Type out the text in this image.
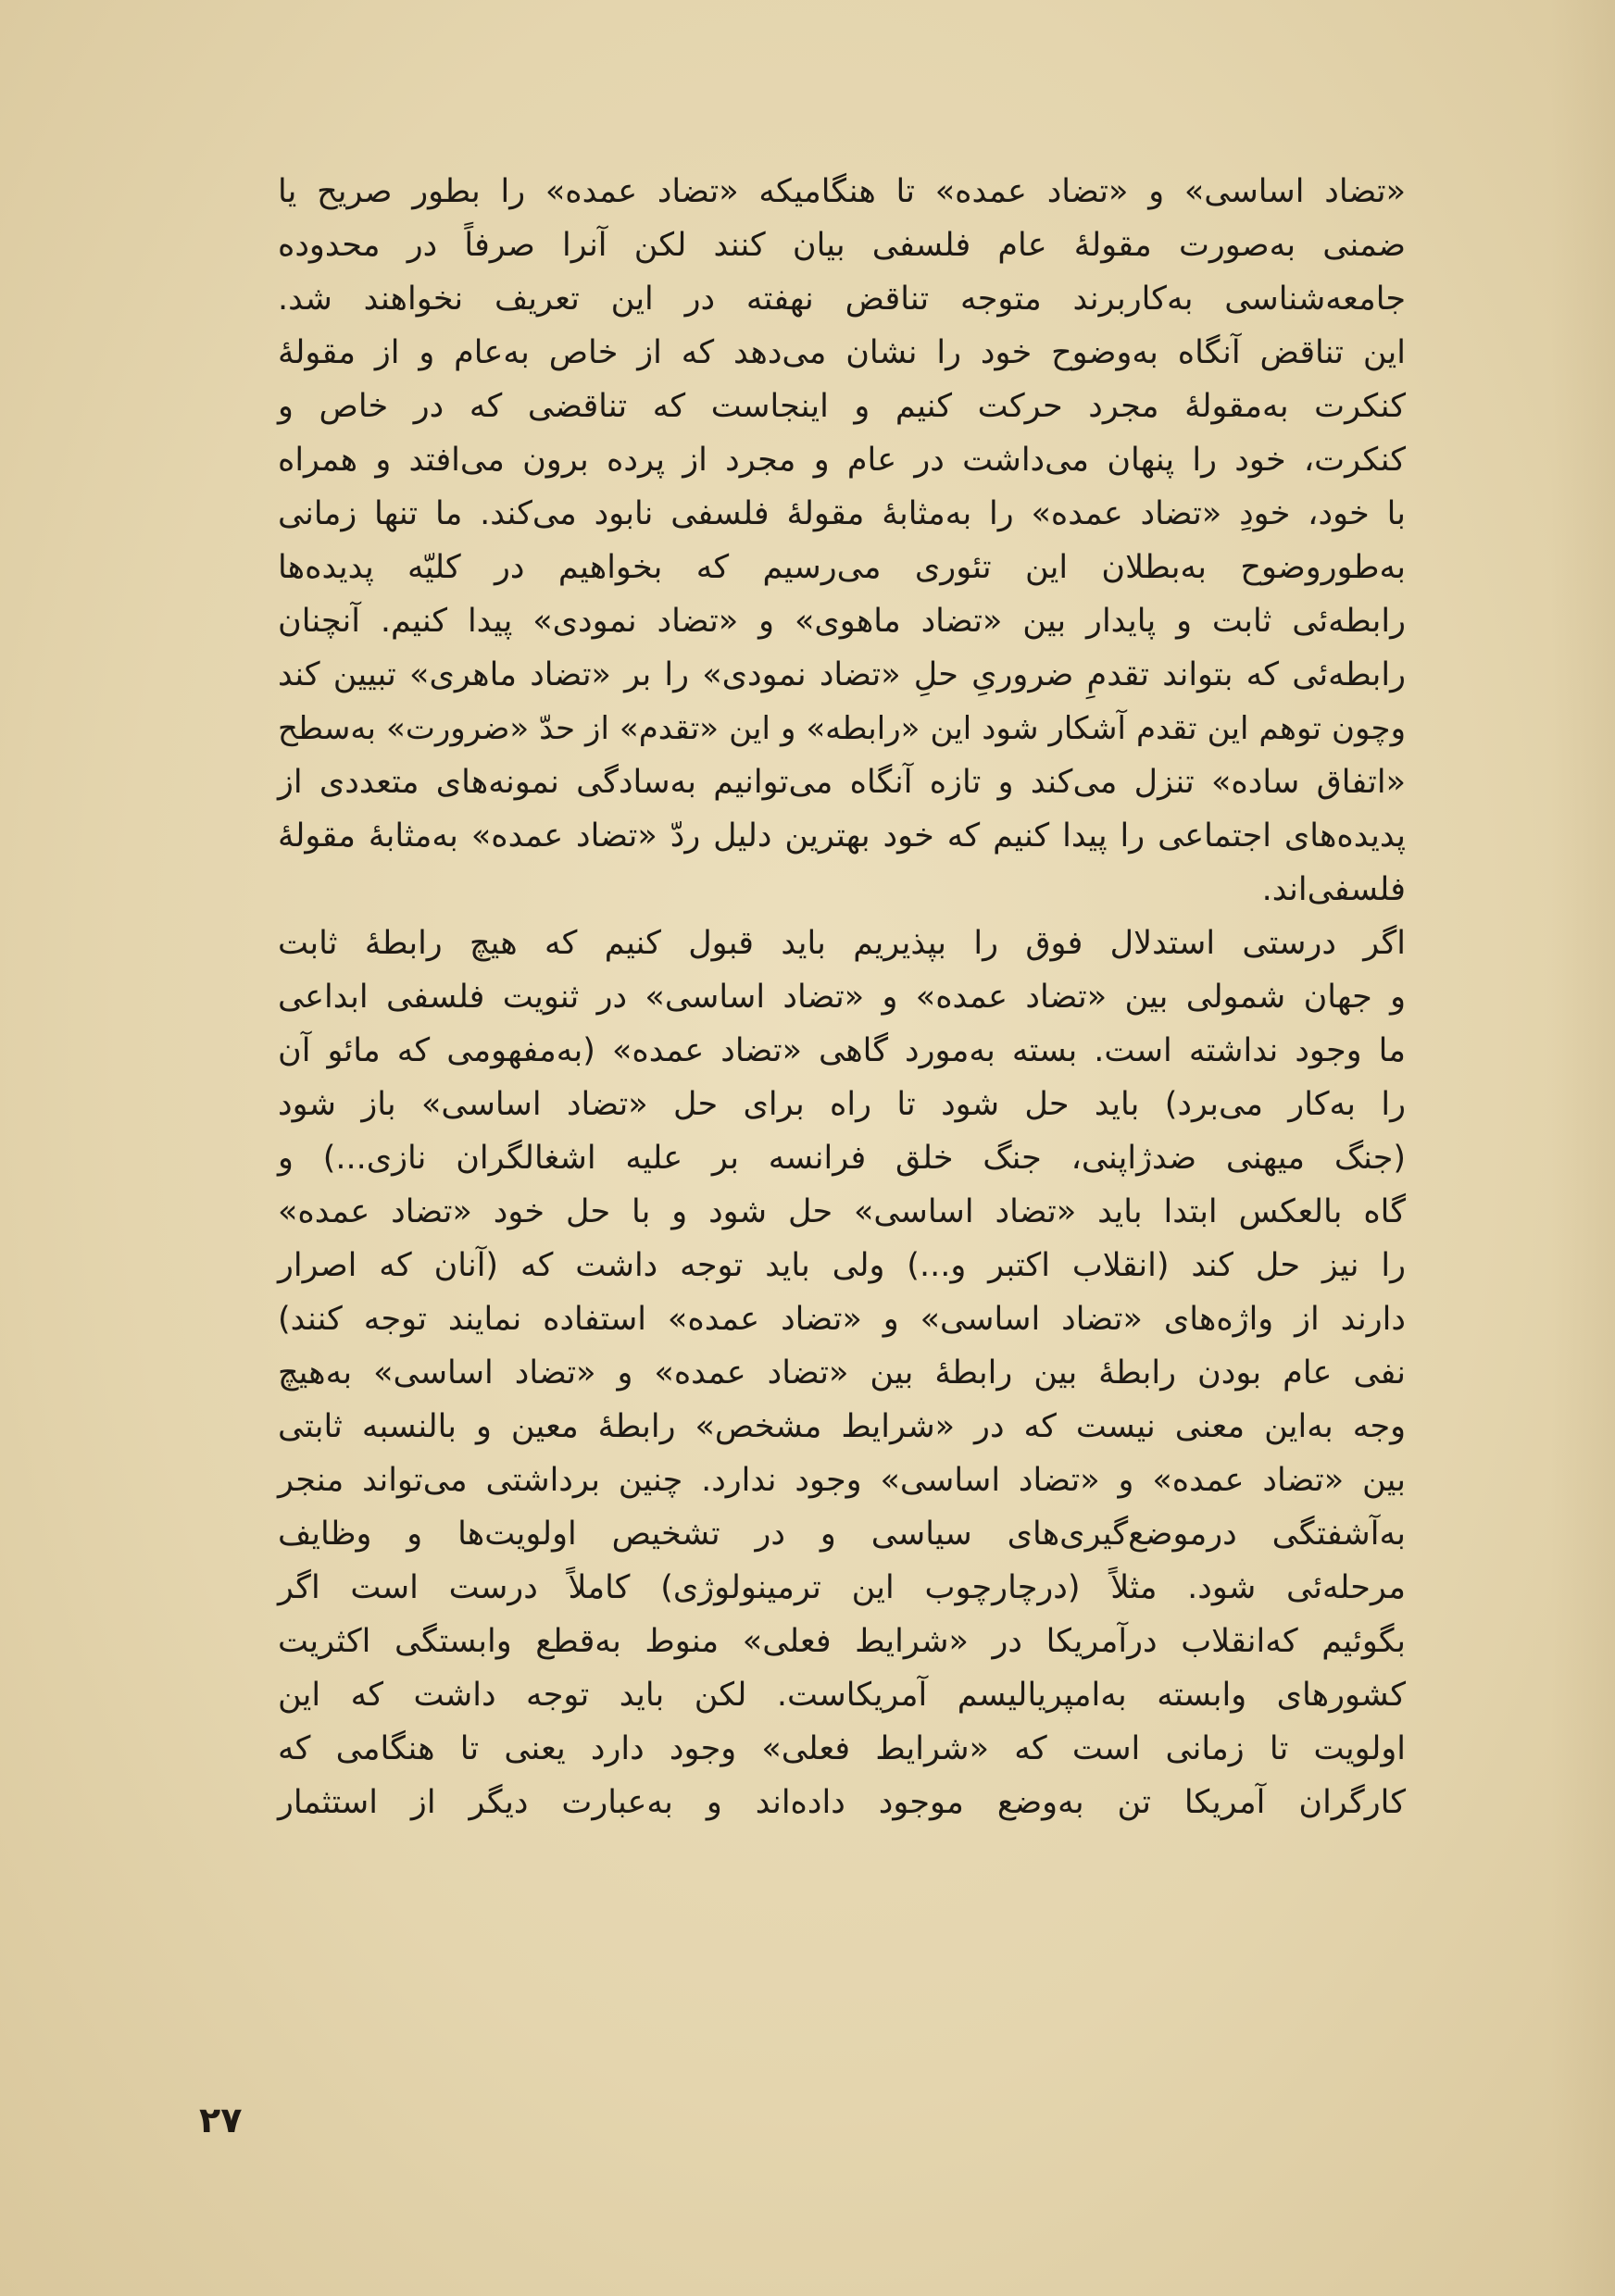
«تضاد اساسی» و «تضاد عمده» تا هنگامیکه «تضاد عمده» را بطور صریح یا
ضمنی به‌صورت مقولهٔ عام فلسفی بیان کنند لکن آنرا صرفاً در محدوده
جامعه‌شناسی به‌کاربرند متوجه تناقض نهفته در این تعریف نخواهند شد.
این تناقض آنگاه به‌وضوح خود را نشان می‌دهد که از خاص به‌عام و از مقولهٔ
کنکرت به‌مقولهٔ مجرد حرکت کنیم و اینجاست که تناقضی که در خاص و
کنکرت، خود را پنهان می‌داشت در عام و مجرد از پرده برون می‌افتد و همراه
با خود، خودِ «تضاد عمده» را به‌مثابهٔ مقولهٔ فلسفی نابود می‌کند. ما تنها زمانی
به‌طوروضوح به‌بطلان این تئوری می‌رسیم که بخواهیم در کلیّه پدیده‌ها
رابطه‌ئی ثابت و پایدار بین «تضاد ماهوی» و «تضاد نمودی» پیدا کنیم. آنچنان
رابطه‌ئی که بتواند تقدمِ ضروریِ حلِ «تضاد نمودی» را بر «تضاد ماهری» تبیین کند
وچون توهم این تقدم آشکار شود این «رابطه» و این «تقدم» از حدّ «ضرورت» به‌سطح
«اتفاق ساده» تنزل می‌کند و تازه آنگاه می‌توانیم به‌سادگی نمونه‌های متعددی از
پدیده‌های اجتماعی را پیدا کنیم که خود بهترین دلیل ردّ «تضاد عمده» به‌مثابهٔ مقولهٔ
فلسفی‌اند.
اگر درستی استدلال فوق را بپذیریم باید قبول کنیم که هیچ رابطهٔ ثابت
و جهان شمولی بین «تضاد عمده» و «تضاد اساسی» در ثنویت فلسفی ابداعی
ما وجود نداشته است. بسته به‌مورد گاهی «تضاد عمده» (به‌مفهومی که مائو آن
را به‌کار می‌برد) باید حل شود تا راه برای حل «تضاد اساسی» باز شود
(جنگ میهنی ضدژاپنی، جنگ خلق فرانسه بر علیه اشغالگران نازی...) و
گاه بالعکس ابتدا باید «تضاد اساسی» حل شود و با حل خود «تضاد عمده»
را نیز حل کند (انقلاب اکتبر و...) ولی باید توجه داشت که (آنان که اصرار
دارند از واژه‌های «تضاد اساسی» و «تضاد عمده» استفاده نمایند توجه کنند)
نفی عام بودن رابطهٔ بین رابطهٔ بین «تضاد عمده» و «تضاد اساسی» به‌هیچ
وجه به‌این معنی نیست که در «شرایط مشخص» رابطهٔ معین و بالنسبه ثابتی
بین «تضاد عمده» و «تضاد اساسی» وجود ندارد. چنین برداشتی می‌تواند منجر
به‌آشفتگی درموضع‌گیری‌های سیاسی و در تشخیص اولویت‌ها و وظایف
مرحله‌ئی شود. مثلاً (درچارچوب این ترمینولوژی) کاملاً درست است اگر
بگوئیم که‌انقلاب درآمریکا در «شرایط فعلی» منوط به‌قطع وابستگی اکثریت
کشورهای وابسته به‌امپریالیسم آمریکاست. لکن باید توجه داشت که این
اولویت تا زمانی است که «شرایط فعلی» وجود دارد یعنی تا هنگامی که
کارگران آمریکا تن به‌وضع موجود داده‌اند و به‌عبارت دیگر از استثمار
۲۷
